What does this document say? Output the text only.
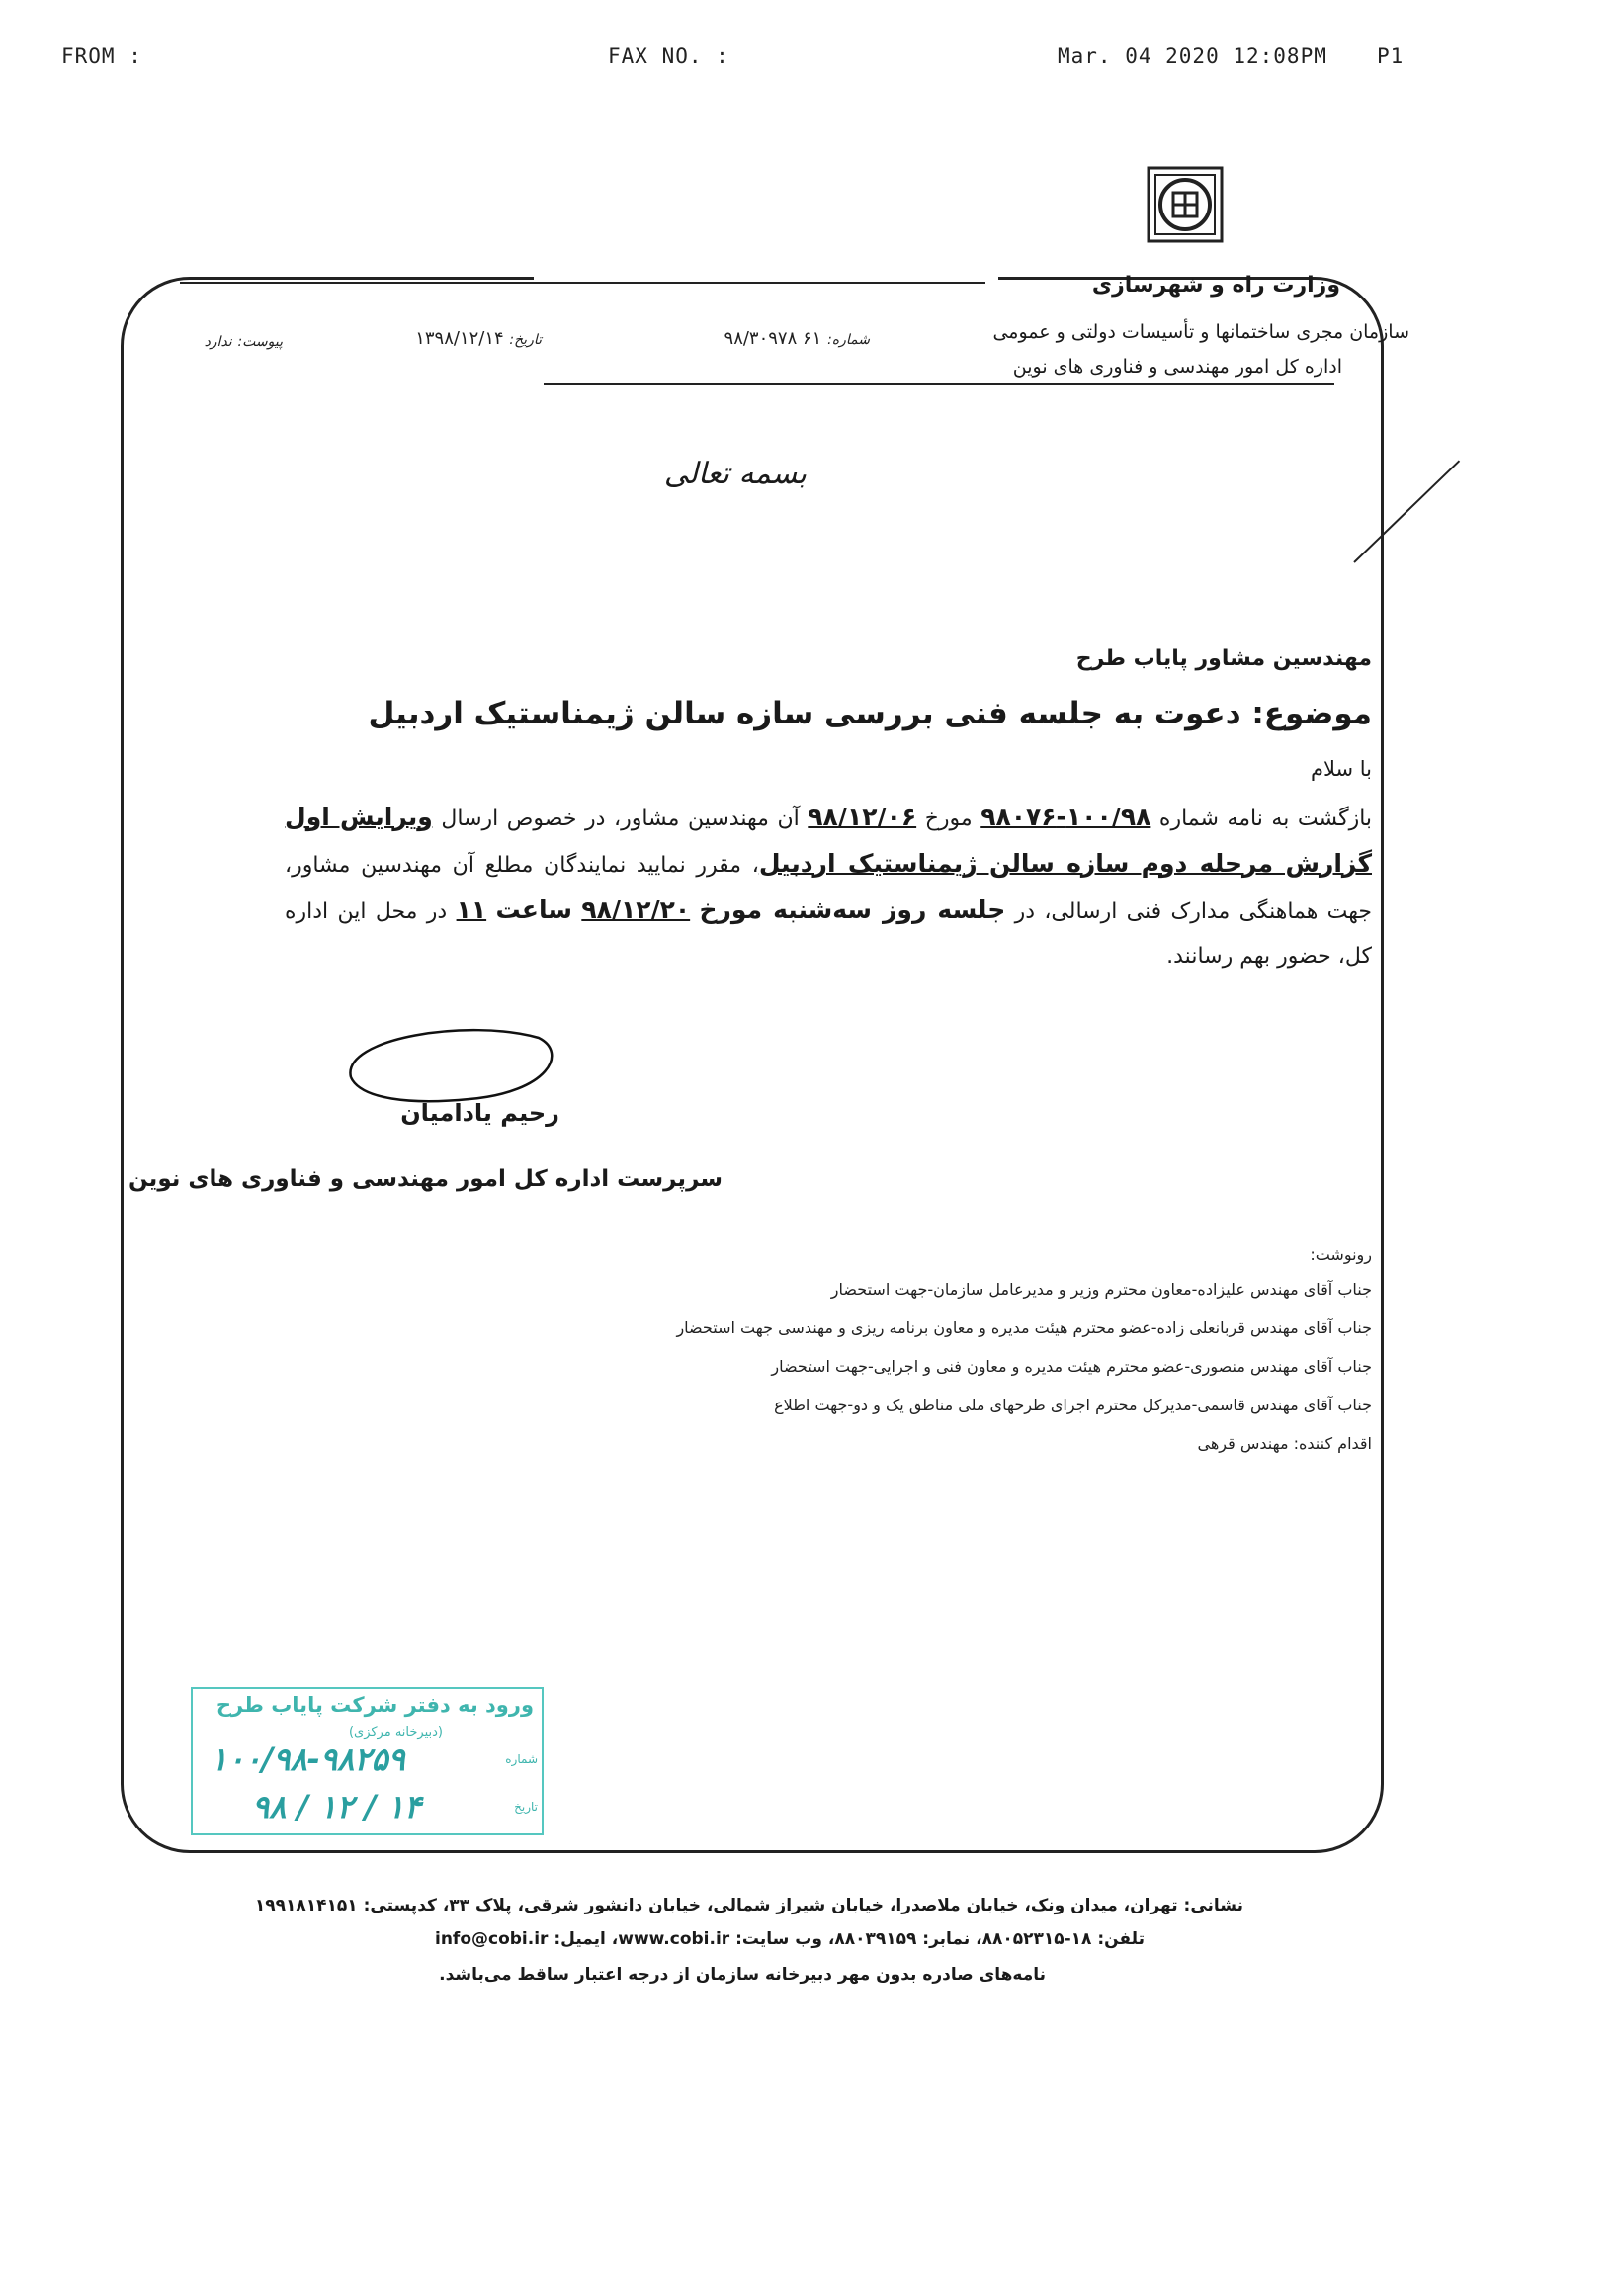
FROM :	FAX NO. :	Mar. 04 2020 12:08PM P1
وزارت راه و شهرسازی
سازمان مجری ساختمانها و تأسیسات دولتی و عمومی
اداره کل امور مهندسی و فناوری های نوین
شماره: ۶۱ ۹۸/۳۰۹۷۸
تاریخ: ۱۳۹۸/۱۲/۱۴
پیوست: ندارد
بسمه تعالی
مهندسین مشاور پایاب طرح
موضوع: دعوت به جلسه فنی بررسی سازه سالن ژیمناستیک اردبیل
با سلام
بازگشت به نامه شماره ۱۰۰/۹۸-۹۸۰۷۶ مورخ ۹۸/۱۲/۰۶ آن مهندسین مشاور، در خصوص ارسال ویرایش اول گزارش مرحله دوم سازه سالن ژیمناستیک اردبیل، مقرر نمایید نمایندگان مطلع آن مهندسین مشاور، جهت هماهنگی مدارک فنی ارسالی، در جلسه روز سه‌شنبه مورخ ۹۸/۱۲/۲۰ ساعت ۱۱ در محل این اداره کل، حضور بهم رسانند.
رحیم یادامیان
سرپرست اداره کل امور مهندسی و فناوری های نوین
رونوشت:
جناب آقای مهندس علیزاده-معاون محترم وزیر و مدیرعامل سازمان-جهت استحضار
جناب آقای مهندس قربانعلی زاده-عضو محترم هیئت مدیره و معاون برنامه ریزی و مهندسی جهت استحضار
جناب آقای مهندس منصوری-عضو محترم هیئت مدیره و معاون فنی و اجرایی-جهت استحضار
جناب آقای مهندس قاسمی-مدیرکل محترم اجرای طرحهای ملی مناطق یک و دو-جهت اطلاع
اقدام کننده: مهندس قرهی
ورود به دفتر شرکت پایاب طرح
(دبیرخانه مرکزی)
شماره
۱۰۰/۹۸-۹۸۲۵۹
تاریخ
۹۸ / ۱۲ / ۱۴
نشانی: تهران، میدان ونک، خیابان ملاصدرا، خیابان شیراز شمالی، خیابان دانشور شرقی، پلاک ۳۳، کدپستی: ۱۹۹۱۸۱۴۱۵۱
تلفن: ۱۸-۸۸۰۵۲۳۱۵، نمابر: ۸۸۰۳۹۱۵۹، وب سایت: www.cobi.ir، ایمیل: info@cobi.ir
نامه‌های صادره بدون مهر دبیرخانه سازمان از درجه اعتبار ساقط می‌باشد.
